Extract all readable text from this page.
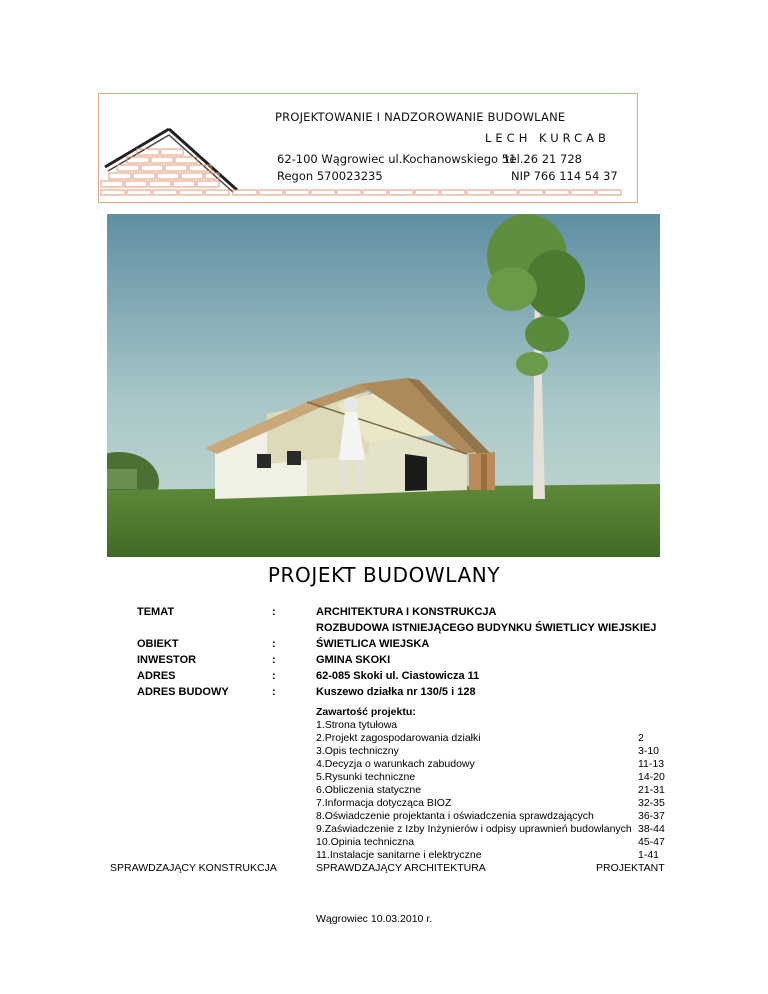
PROJEKTOWANIE I NADZOROWANIE BUDOWLANE
LECH KURCAB
62-100 Wągrowiec ul.Kochanowskiego 51
tel.26 21 728
Regon 570023235	NIP 766 114 54 37
PROJEKT BUDOWLANY
TEMAT	:	ARCHITEKTURA I KONSTRUKCJA
ROZBUDOWA ISTNIEJĄCEGO BUDYNKU ŚWIETLICY WIEJSKIEJ
OBIEKT	:	ŚWIETLICA WIEJSKA
INWESTOR	:	GMINA SKOKI
ADRES	:	62-085 Skoki ul. Ciastowicza 11
ADRES BUDOWY	:	Kuszewo działka nr 130/5 i 128
Zawartość projektu:
1.Strona tytułowa
2.Projekt zagospodarowania działki	2
3.Opis techniczny	3-10
4.Decyzja o warunkach zabudowy	11-13
5.Rysunki techniczne	14-20
6.Obliczenia statyczne	21-31
7.Informacja dotycząca BIOZ	32-35
8.Oświadczenie projektanta i oświadczenia sprawdzających	36-37
9.Zaświadczenie z Izby Inżynierów i odpisy uprawnień budowlanych 38-44
10.Opinia techniczna	45-47
11.Instalacje sanitarne i elektryczne	1-41
SPRAWDZAJĄCY KONSTRUKCJA	SPRAWDZAJĄCY ARCHITEKTURA	PROJEKTANT
Wągrowiec 10.03.2010 r.
